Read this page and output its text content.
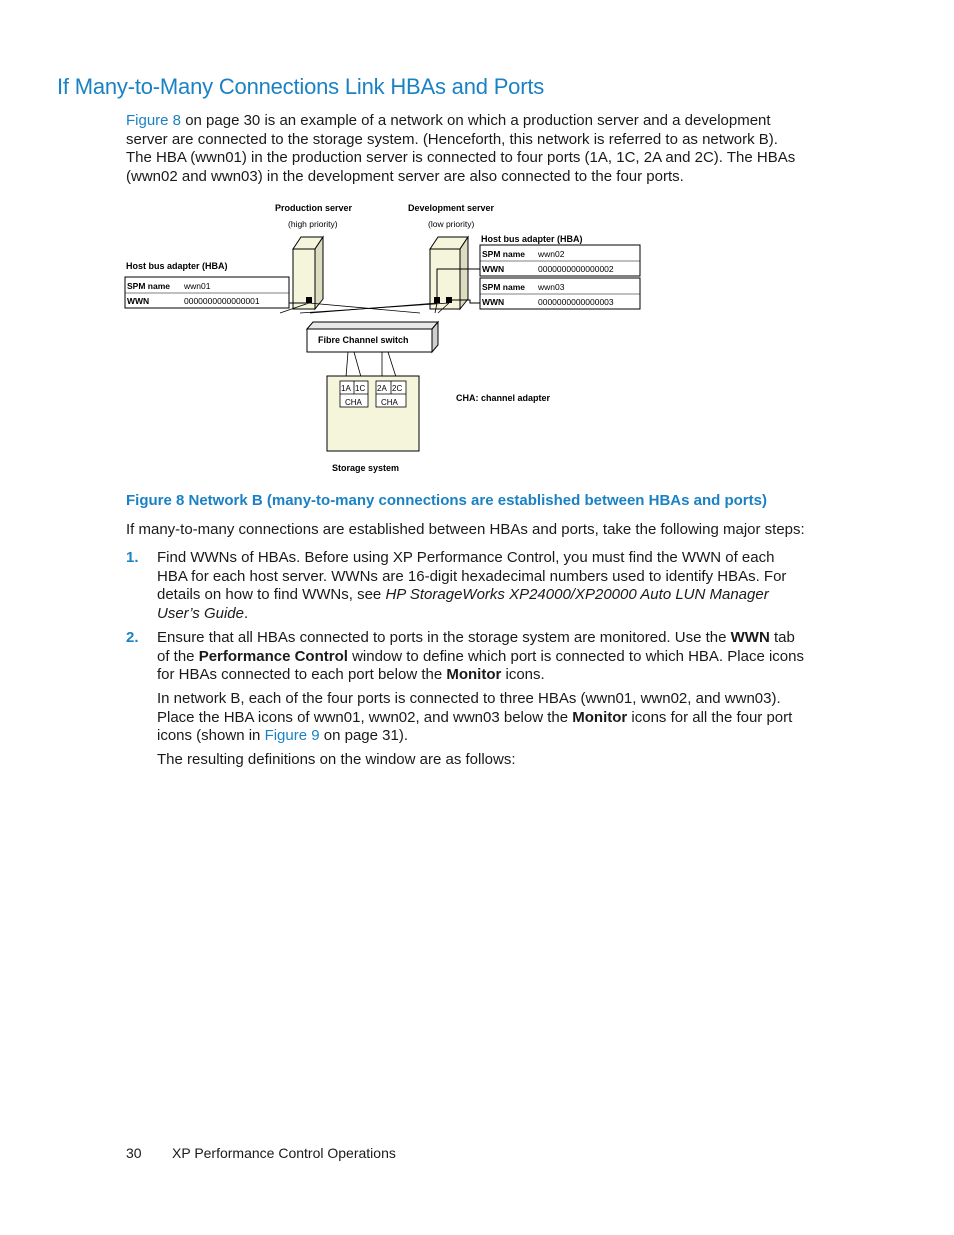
If Many-to-Many Connections Link HBAs and Ports

Figure 8 on page 30 is an example of a network on which a production server and a development server are connected to the storage system. (Henceforth, this network is referred to as network B). The HBA (wwn01) in the production server is connected to four ports (1A, 1C, 2A and 2C). The HBAs (wwn02 and wwn03) in the development server are also connected to the four ports.

Production server
(high priority)
Development server
(low priority)
Host bus adapter (HBA)
SPM name wwn01
WWN	0000000000000001
Host bus adapter (HBA)
SPM name wwn02
WWN	0000000000000002
SPM name wwn03
WWN	0000000000000003
Fibre Channel switch
1A 1C
CHA
2A 2C
CHA
Storage system
CHA: channel adapter

Figure 8 Network B (many-to-many connections are established between HBAs and ports)

If many-to-many connections are established between HBAs and ports, take the following major steps:

1. Find WWNs of HBAs. Before using XP Performance Control, you must find the WWN of each HBA for each host server. WWNs are 16-digit hexadecimal numbers used to identify HBAs. For details on how to find WWNs, see HP StorageWorks XP24000/XP20000 Auto LUN Manager User’s Guide.
2. Ensure that all HBAs connected to ports in the storage system are monitored. Use the WWN tab of the Performance Control window to define which port is connected to which HBA. Place icons for HBAs connected to each port below the Monitor icons.

In network B, each of the four ports is connected to three HBAs (wwn01, wwn02, and wwn03). Place the HBA icons of wwn01, wwn02, and wwn03 below the Monitor icons for all the four port icons (shown in Figure 9 on page 31).

The resulting definitions on the window are as follows:

30 XP Performance Control Operations
